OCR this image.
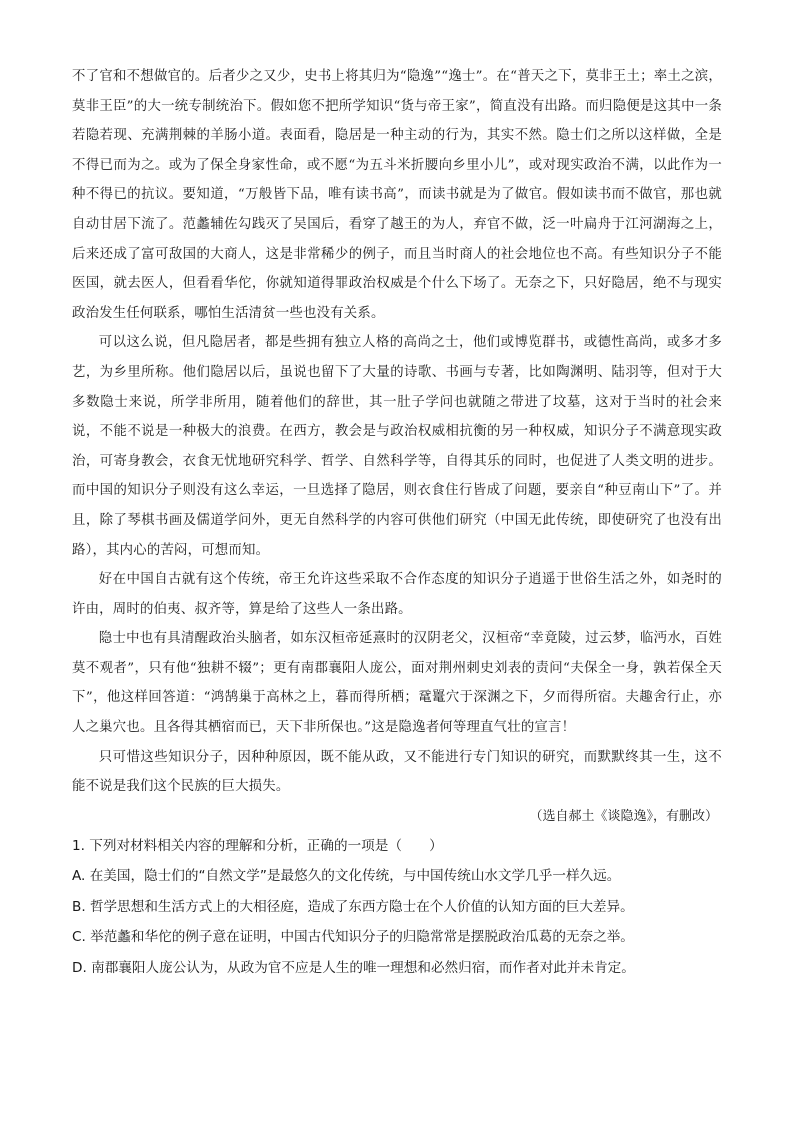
不了官和不想做官的。后者少之又少，史书上将其归为“隐逸”“逸士”。在“普天之下，莫非王土；率土之滨，莫非王臣”的大一统专制统治下。假如您不把所学知识“货与帝王家”，简直没有出路。而归隐便是这其中一条若隐若现、充满荆棘的羊肠小道。表面看，隐居是一种主动的行为，其实不然。隐士们之所以这样做，全是不得已而为之。或为了保全身家性命，或不愿“为五斗米折腰向乡里小儿”，或对现实政治不满，以此作为一种不得已的抗议。要知道，“万般皆下品，唯有读书高”，而读书就是为了做官。假如读书而不做官，那也就自动甘居下流了。范蠡辅佐勾践灭了吴国后，看穿了越王的为人，弃官不做，泛一叶扁舟于江河湖海之上，后来还成了富可敌国的大商人，这是非常稀少的例子，而且当时商人的社会地位也不高。有些知识分子不能医国，就去医人，但看看华佗，你就知道得罪政治权威是个什么下场了。无奈之下，只好隐居，绝不与现实政治发生任何联系，哪怕生活清贫一些也没有关系。

可以这么说，但凡隐居者，都是些拥有独立人格的高尚之士，他们或博览群书，或德性高尚，或多才多艺，为乡里所称。他们隐居以后，虽说也留下了大量的诗歌、书画与专著，比如陶渊明、陆羽等，但对于大多数隐士来说，所学非所用，随着他们的辞世，其一肚子学问也就随之带进了坟墓，这对于当时的社会来说，不能不说是一种极大的浪费。在西方，教会是与政治权威相抗衡的另一种权威，知识分子不满意现实政治，可寄身教会，衣食无忧地研究科学、哲学、自然科学等，自得其乐的同时，也促进了人类文明的进步。而中国的知识分子则没有这么幸运，一旦选择了隐居，则衣食住行皆成了问题，要亲自“种豆南山下”了。并且，除了琴棋书画及儒道学问外，更无自然科学的内容可供他们研究（中国无此传统，即使研究了也没有出路），其内心的苦闷，可想而知。

好在中国自古就有这个传统，帝王允许这些采取不合作态度的知识分子逍遥于世俗生活之外，如尧时的许由，周时的伯夷、叔齐等，算是给了这些人一条出路。

隐士中也有具清醒政治头脑者，如东汉桓帝延熹时的汉阴老父，汉桓帝“幸竟陵，过云梦，临沔水，百姓莫不观者”，只有他“独耕不辍”；更有南郡襄阳人庞公，面对荆州刺史刘表的责问“夫保全一身，孰若保全天下”，他这样回答道：“鸿鹄巢于高林之上，暮而得所栖；鼋鼍穴于深渊之下，夕而得所宿。夫趣舍行止，亦人之巢穴也。且各得其栖宿而已，天下非所保也。”这是隐逸者何等理直气壮的宣言！

只可惜这些知识分子，因种种原因，既不能从政，又不能进行专门知识的研究，而默默终其一生，这不能不说是我们这个民族的巨大损失。

（选自郝土《谈隐逸》，有删改）

1. 下列对材料相关内容的理解和分析，正确的一项是（　　）

A. 在美国，隐士们的“自然文学”是最悠久的文化传统，与中国传统山水文学几乎一样久远。

B. 哲学思想和生活方式上的大相径庭，造成了东西方隐士在个人价值的认知方面的巨大差异。

C. 举范蠡和华佗的例子意在证明，中国古代知识分子的归隐常常是摆脱政治瓜葛的无奈之举。

D. 南郡襄阳人庞公认为，从政为官不应是人生的唯一理想和必然归宿，而作者对此并未肯定。
